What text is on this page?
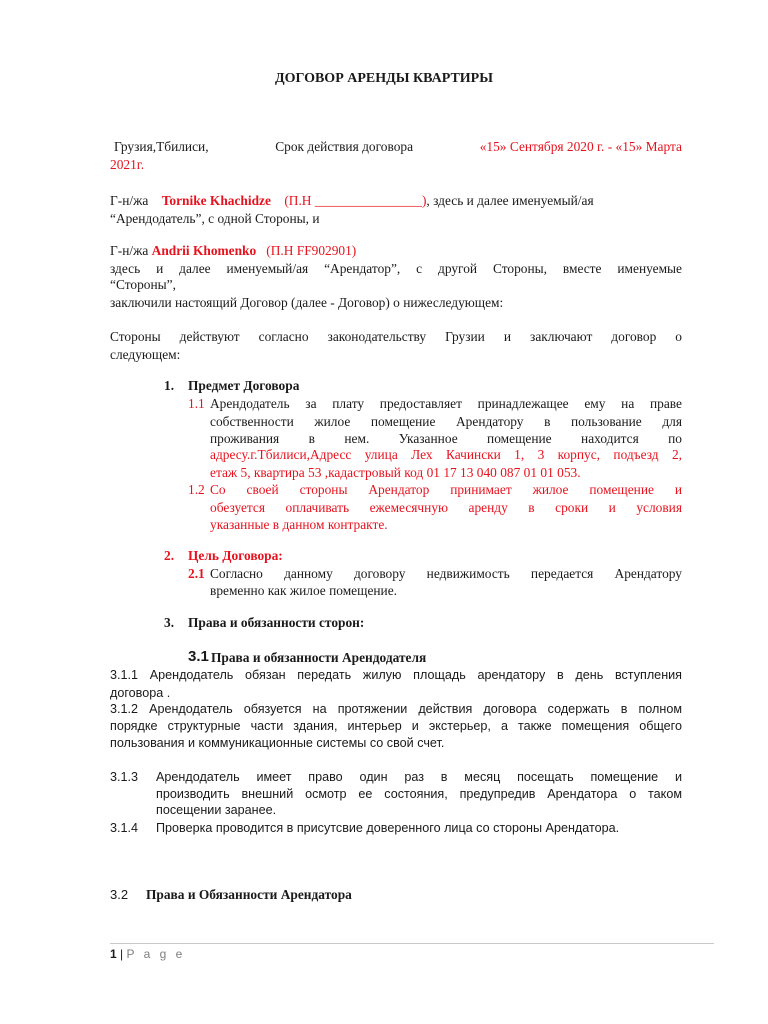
ДОГОВОР АРЕНДЫ КВАРТИРЫ
Грузия,Тбилиси,	Срок действия договора	«15» Сентября 2020 г. - «15» Марта
2021г.
Г-н/жа Tornike Khachidze (П.Н ________________), здесь и далее именуемый/ая
“Арендодатель”, с одной Стороны, и
Г-н/жа Andrii Khomenko (П.Н FF902901)
здесь и далее именуемый/ая “Арендатор”, с другой Стороны, вместе именуемые
“Стороны”,
заключили настоящий Договор (далее - Договор) о нижеследующем:
Стороны действуют согласно законодательству Грузии и заключают договор о
следующем:
1. Предмет Договора
1.1 Арендодатель за плату предоставляет принадлежащее ему на праве
собственности жилое помещение Арендатору в пользование для
проживания в нем. Указанное помещение находится по
адресу.г.Тбилиси,Адресс улица Лех Качински 1, 3 корпус, подъезд 2,
етаж 5, квартира 53 ,кадастровый код 01 17 13 040 087 01 01 053.
1.2 Со своей стороны Арендатор принимает жилое помещение и
обезуется оплачивать ежемесячную аренду в сроки и условия
указанные в данном контракте.
2. Цель Договора:
2.1 Согласно данному договору недвижимость передается Арендатору
временно как жилое помещение.
3. Права и обязанности сторон:
3.1 Права и обязанности Арендодателя
3.1.1 Арендодатель обязан передать жилую площадь арендатору в день вступления
договора .
3.1.2 Арендодатель обязуется на протяжении действия договора содержать в полном
порядке структурные части здания, интерьер и экстерьер, а также помещения общего
пользования и коммуникационные системы со свой счет.
3.1.3 Арендодатель имеет право один раз в месяц посещать помещение и
производить внешний осмотр ее состояния, предупредив Арендатора о таком
посещении заранее.
3.1.4 Проверка проводится в присутсвие доверенного лица со стороны Арендатора.
3.2 Права и Обязанности Арендатора
1 | P a g e
